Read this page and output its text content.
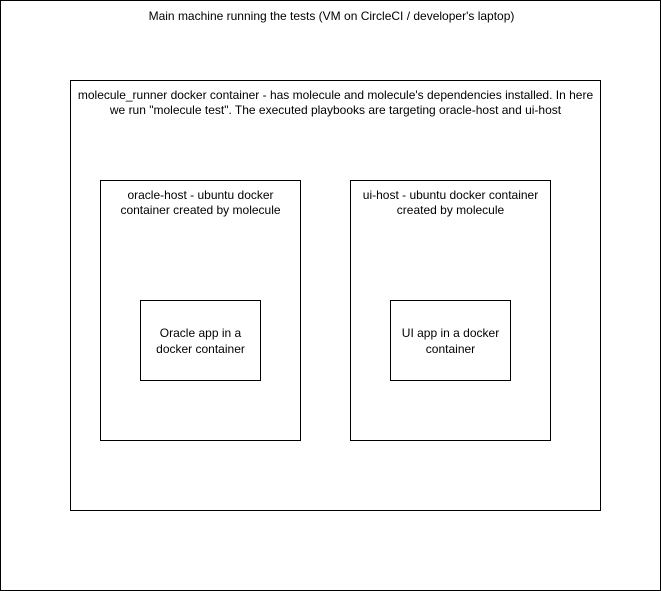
Main machine running the tests (VM on CircleCI / developer's laptop)
molecule_runner docker container - has molecule and molecule's dependencies installed. In here
we run "molecule test". The executed playbooks are targeting oracle-host and ui-host
oracle-host - ubuntu docker
container created by molecule
Oracle app in a
docker container
ui-host - ubuntu docker container
created by molecule
UI app in a docker
container
